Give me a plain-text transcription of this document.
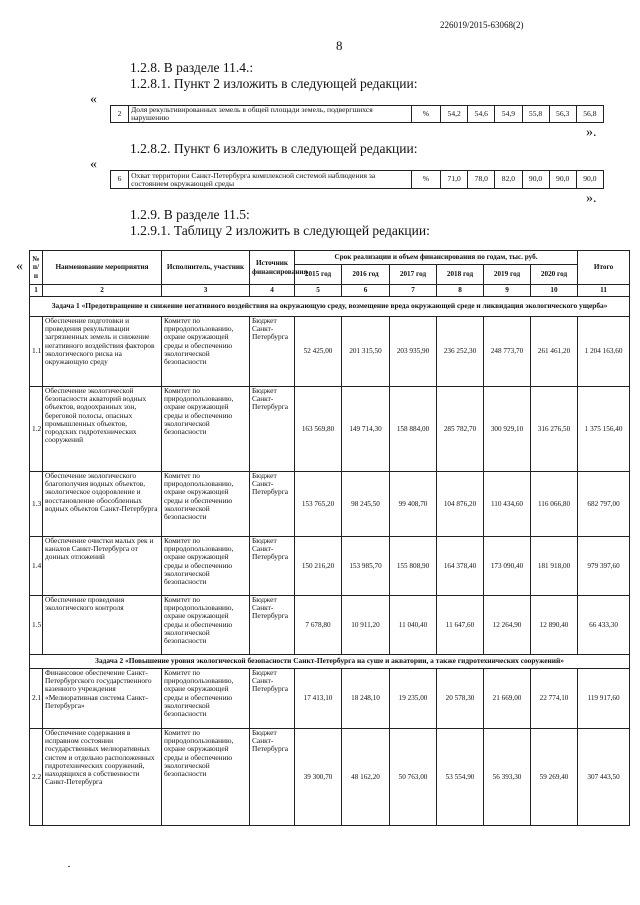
226019/2015-63068(2)
8
1.2.8. В разделе 11.4.:
1.2.8.1. Пункт 2 изложить в следующей редакции:
«
2	Доля рекультивированных земель в общей площади земель, подвергшихся нарушению	%	54,2	54,6	54,9	55,8	56,3	56,8
».
1.2.8.2. Пункт 6 изложить в следующей редакции:
«
6	Охват территории Санкт-Петербурга комплексной системой наблюдения за состоянием окружающей среды	%	71,0	78,0	82,0	90,0	90,0	90,0
».
1.2.9. В разделе 11.5:
1.2.9.1. Таблицу 2 изложить в следующей редакции:
« № п/п	Наименование мероприятия	Исполнитель, участник	Источник финансирования	Срок реализации и объем финансирования по годам, тыс. руб.						Итого
				2015 год	2016 год	2017 год	2018 год	2019 год	2020 год	
1	2	3	4	5	6	7	8	9	10	11
Задача 1 «Предотвращение и снижение негативного воздействия на окружающую среду, возмещение вреда окружающей среде и ликвидация экологического ущерба»										
1.1	Обеспечение подготовки и проведения рекультивации загрязненных земель и снижение негативного воздействия факторов экологического риска на окружающую среду	Комитет по природопользованию, охране окружающей среды и обеспечению экологической безопасности	Бюджет Санкт-Петербурга	52 425,00	201 315,50	203 935,90	236 252,30	248 773,70	261 461,20	1 204 163,60
1.2	Обеспечение экологической безопасности акваторий водных объектов, водоохранных зон, береговой полосы, опасных промышленных объектов, городских гидротехнических сооружений	Комитет по природопользованию, охране окружающей среды и обеспечению экологической безопасности	Бюджет Санкт-Петербурга	163 569,80	149 714,30	158 884,00	285 782,70	300 929,10	316 276,50	1 375 156,40
1.3	Обеспечение экологического благополучия водных объектов, экологическое оздоровление и восстановление обособленных водных объектов Санкт-Петербурга	Комитет по природопользованию, охране окружающей среды и обеспечению экологической безопасности	Бюджет Санкт-Петербурга	153 765,20	98 245,50	99 408,70	104 876,20	110 434,60	116 066,80	682 797,00
1.4	Обеспечение очистки малых рек и каналов Санкт-Петербурга от донных отложений	Комитет по природопользованию, охране окружающей среды и обеспечению экологической безопасности	Бюджет Санкт-Петербурга	150 216,20	153 985,70	155 808,90	164 378,40	173 090,40	181 918,00	979 397,60
1.5	Обеспечение проведения экологического контроля	Комитет по природопользованию, охране окружающей среды и обеспечению экологической безопасности	Бюджет Санкт-Петербурга	7 678,80	10 911,20	11 040,40	11 647,60	12 264,90	12 890,40	66 433,30
Задача 2 «Повышение уровня экологической безопасности Санкт-Петербурга на суше и акватории, а также гидротехнических сооружений»										
2.1	Финансовое обеспечение Санкт-Петербургского государственного казенного учреждения «Мелиоративная система Санкт-Петербурга»	Комитет по природопользованию, охране окружающей среды и обеспечению экологической безопасности	Бюджет Санкт-Петербурга	17 413,10	18 248,10	19 235,00	20 578,30	21 669,00	22 774,10	119 917,60
2.2	Обеспечение содержания в исправном состоянии государственных мелиоративных систем и отдельно расположенных гидротехнических сооружений, находящихся в собственности Санкт-Петербурга	Комитет по природопользованию, охране окружающей среды и обеспечению экологической безопасности	Бюджет Санкт-Петербурга	39 300,70	48 162,20	50 763,00	53 554,90	56 393,30	59 269,40	307 443,50
